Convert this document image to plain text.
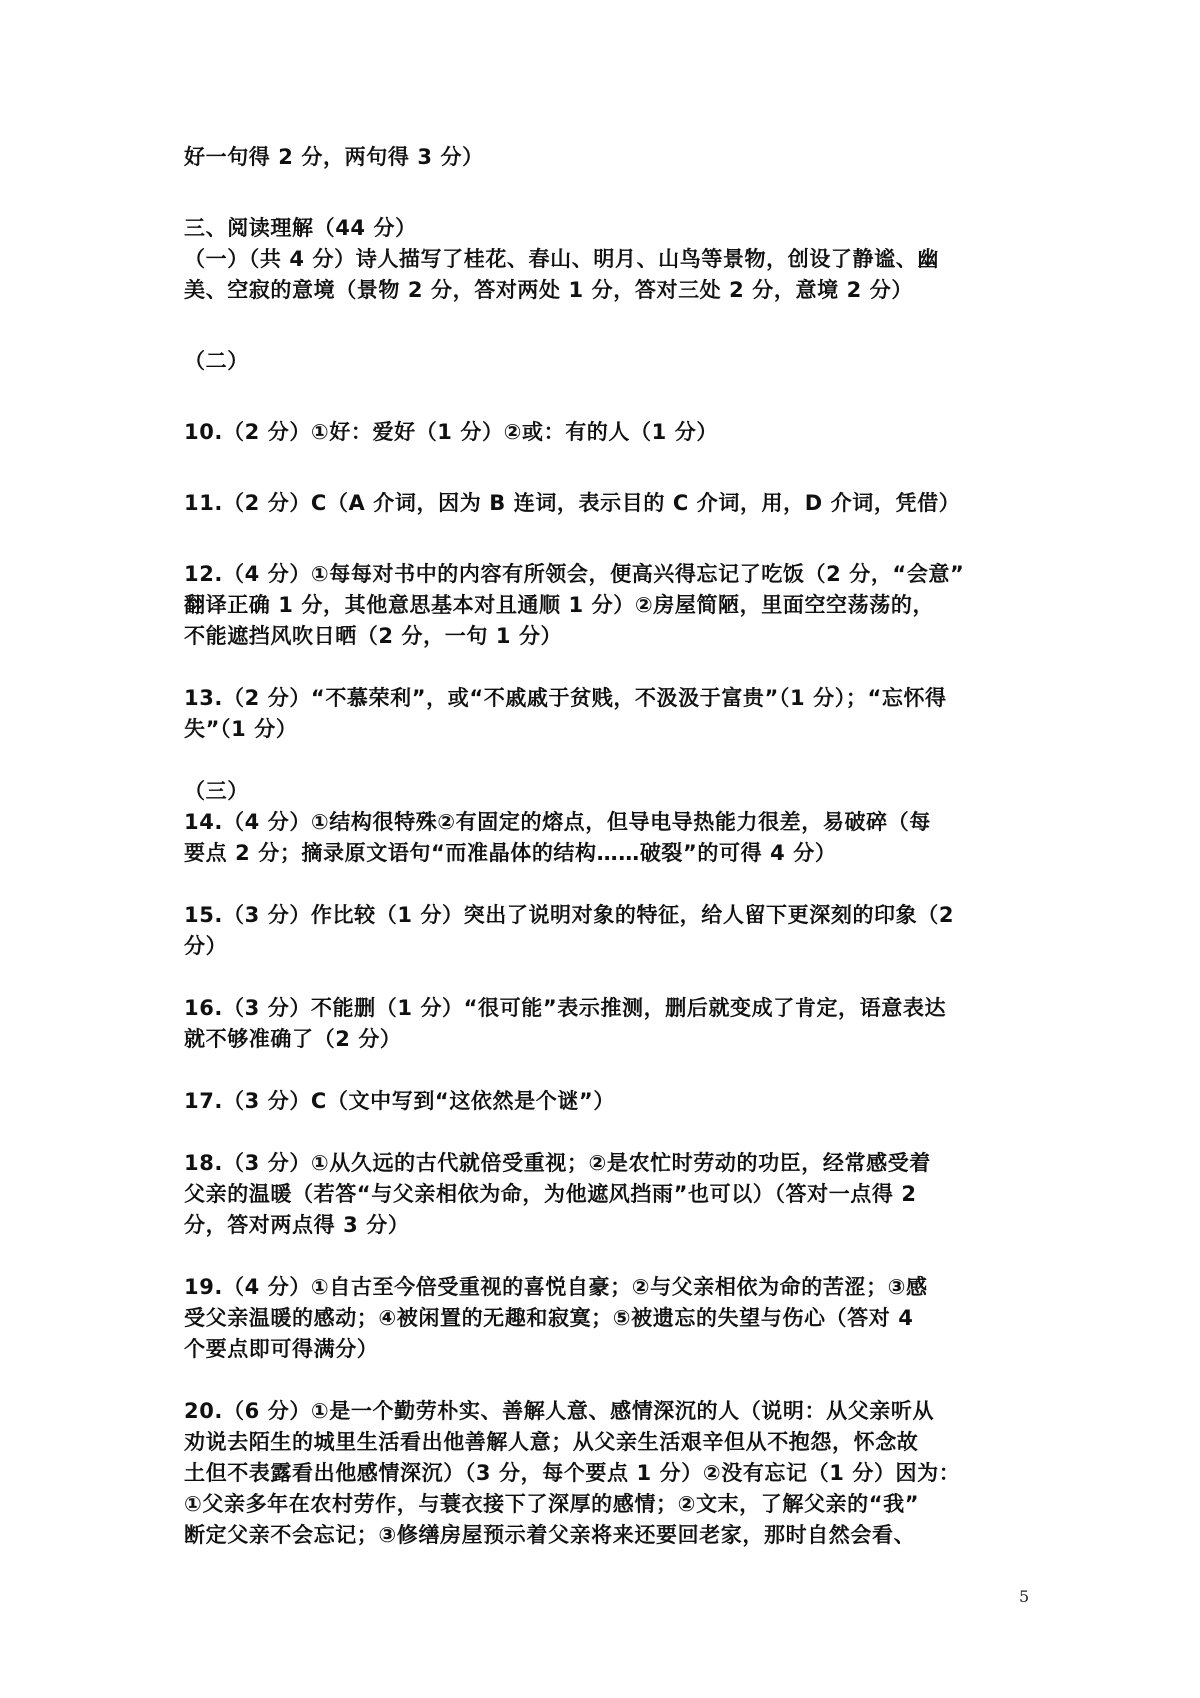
好一句得 2 分，两句得 3 分）

三、阅读理解（44 分）

（一）（共 4 分）诗人描写了桂花、春山、明月、山鸟等景物，创设了静谧、幽

美、空寂的意境（景物 2 分，答对两处 1 分，答对三处 2 分，意境 2 分）

（二）

10.（2 分）①好：爱好（1 分）②或：有的人（1 分）

11.（2 分）C（A 介词，因为 B 连词，表示目的 C 介词，用，D 介词，凭借）

12.（4 分）①每每对书中的内容有所领会，便高兴得忘记了吃饭（2 分，“会意”

翻译正确 1 分，其他意思基本对且通顺 1 分）②房屋简陋，里面空空荡荡的，

不能遮挡风吹日晒（2 分，一句 1 分）

13.（2 分）“不慕荣利”，或“不戚戚于贫贱，不汲汲于富贵”（1 分）；“忘怀得

失”（1 分）

（三）

14.（4 分）①结构很特殊②有固定的熔点，但导电导热能力很差，易破碎（每

要点 2 分；摘录原文语句“而准晶体的结构……破裂”的可得 4 分）

15.（3 分）作比较（1 分）突出了说明对象的特征，给人留下更深刻的印象（2

分）

16.（3 分）不能删（1 分）“很可能”表示推测，删后就变成了肯定，语意表达

就不够准确了（2 分）

17.（3 分）C（文中写到“这依然是个谜”）

18.（3 分）①从久远的古代就倍受重视；②是农忙时劳动的功臣，经常感受着

父亲的温暖（若答“与父亲相依为命，为他遮风挡雨”也可以）（答对一点得 2

分，答对两点得 3 分）

19.（4 分）①自古至今倍受重视的喜悦自豪；②与父亲相依为命的苦涩；③感

受父亲温暖的感动；④被闲置的无趣和寂寞；⑤被遗忘的失望与伤心（答对 4

个要点即可得满分）

20.（6 分）①是一个勤劳朴实、善解人意、感情深沉的人（说明：从父亲听从

劝说去陌生的城里生活看出他善解人意；从父亲生活艰辛但从不抱怨，怀念故

土但不表露看出他感情深沉）（3 分，每个要点 1 分）②没有忘记（1 分）因为：

①父亲多年在农村劳作，与蓑衣接下了深厚的感情；②文末，了解父亲的“我”

断定父亲不会忘记；③修缮房屋预示着父亲将来还要回老家，那时自然会看、

5
